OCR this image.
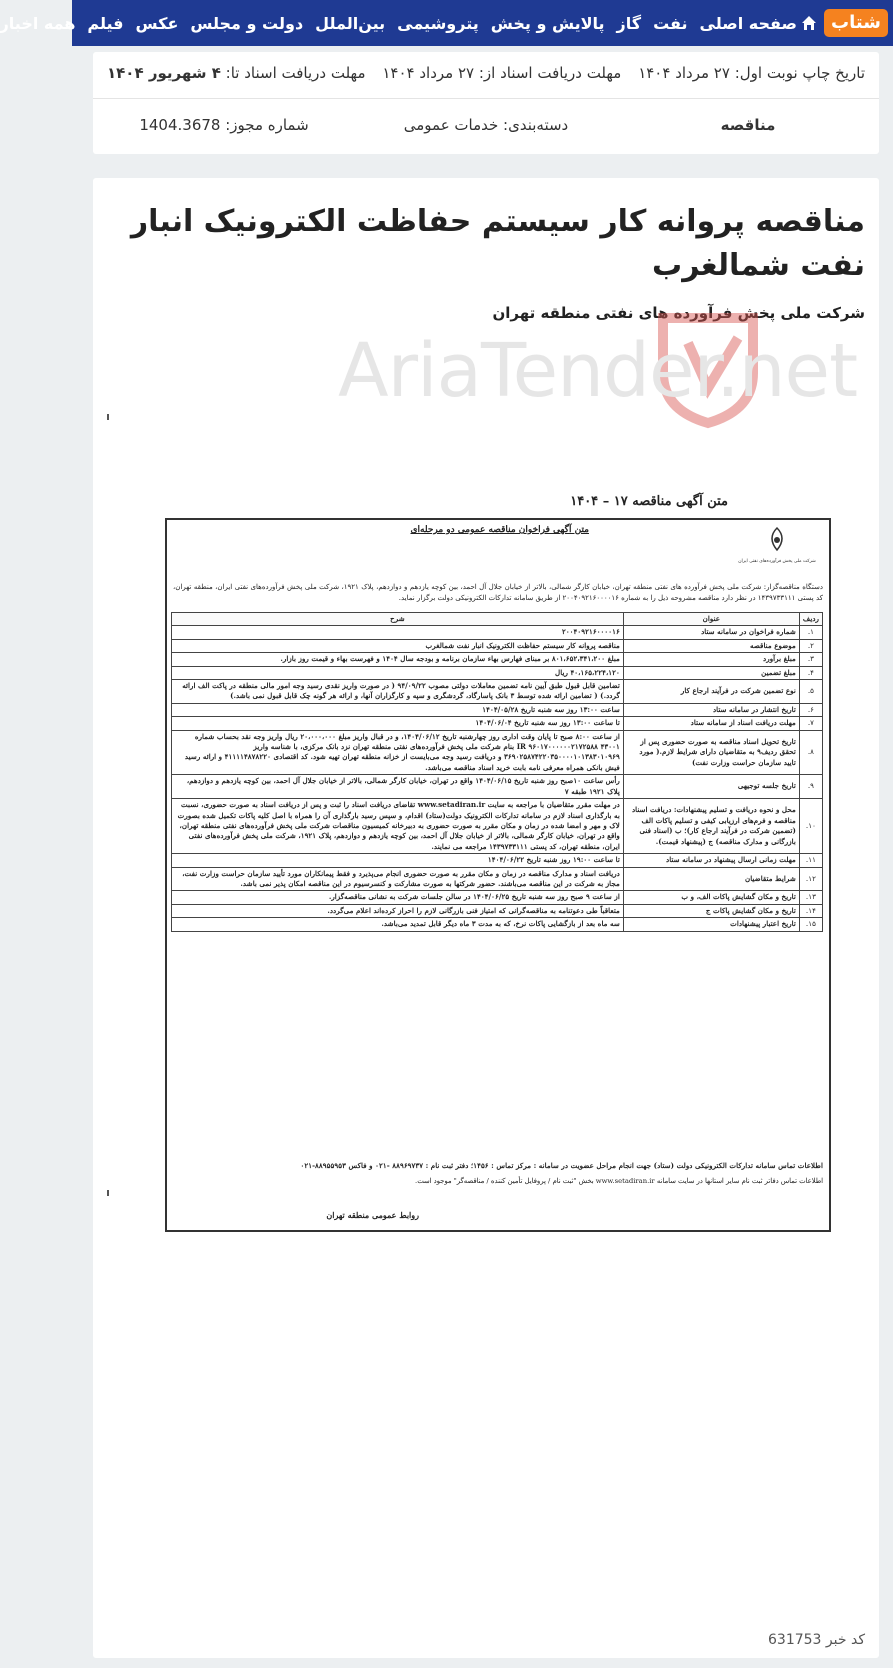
شتاب
صفحه اصلی
نفت
گاز
پالایش و پخش
پتروشیمی
بین‌الملل
دولت و مجلس
عکس
فیلم
همه اخبار
تاریخ چاپ نوبت اول: ۲۷ مرداد ۱۴۰۴
مهلت دریافت اسناد از: ۲۷ مرداد ۱۴۰۴
مهلت دریافت اسناد تا: ۴ شهریور ۱۴۰۴
مناقصه
دسته‌بندی: خدمات عمومی
شماره مجوز: 1404.3678
مناقصه پروانه کار سیستم حفاظت الکترونیک انبار نفت شمالغرب
شرکت ملی پخش فرآورده های نفتی منطقه تهران
AriaTender.net
متن آگهی مناقصه ۱۷ – ۱۴۰۴
متن آگهی فراخوان مناقصه عمومی دو مرحله‌ای
شرکت ملی پخش فرآورده‌های نفتی ایران
دستگاه مناقصه‌گزار: شرکت ملی پخش فرآورده های نفتی منطقه تهران، خیابان کارگر شمالی، بالاتر از خیابان جلال آل احمد، بین کوچه یازدهم و دوازدهم، پلاک ۱۹۲۱، شرکت ملی پخش فرآورده‌های نفتی ایران، منطقه تهران، کد پستی ۱۴۳۹۷۳۳۱۱۱ در نظر دارد مناقصه مشروحه ذیل را به شماره ۲۰۰۴۰۹۲۱۶۰۰۰۰۱۶ از طریق سامانه تدارکات الکترونیکی دولت برگزار نماید.
ردیف	عنوان	شرح
۱.	شماره فراخوان در سامانه ستاد	۲۰۰۴۰۹۲۱۶۰۰۰۰۱۶
۲.	موضوع مناقصه	مناقصه پروانه کار سیستم حفاظت الکترونیک انبار نفت شمالغرب
۳.	مبلغ برآورد	مبلغ ۸۰۱،۶۵۲،۳۴۱،۲۰۰ بر مبنای فهارس بهاء سازمان برنامه و بودجه سال ۱۴۰۴ و فهرست بهاء و قیمت روز بازار.
۴.	مبلغ تضمین	۴۰،۱۶۵،۲۲۴،۱۲۰ ریال
۵.	نوع تضمین شرکت در فرآیند ارجاع کار	تضامین قابل قبول طبق آیین نامه تضمین معاملات دولتی مصوب ۹۴/۰۹/۲۲ ( در صورت واریز نقدی رسید وجه امور مالی منطقه در پاکت الف ارائه گردد.) ( تضامین ارائه شده توسط ۳ بانک پاسارگاد، گردشگری و سپه و کارگزاران آنها، و ارائه هر گونه چک قابل قبول نمی باشد.)
۶.	تاریخ انتشار در سامانه ستاد	ساعت ۱۳:۰۰ روز سه شنبه تاریخ ۱۴۰۴/۰۵/۲۸
۷.	مهلت دریافت اسناد از سامانه ستاد	تا ساعت ۱۳:۰۰ روز سه شنبه تاریخ ۱۴۰۴/۰۶/۰۴
۸.	تاریخ تحویل اسناد مناقصه به صورت حضوری پس از تحقق ردیف۹ به متقاضیان دارای شرایط لازم.( مورد تایید سازمان حراست وزارت نفت)	از ساعت ۸:۰۰ صبح تا پایان وقت اداری روز چهارشنبه تاریخ ۱۴۰۴/۰۶/۱۲، و در قبال واریز مبلغ ۲۰،۰۰۰،۰۰۰ ریال واریز وجه نقد بحساب شماره ۴۳۰۰۱ ۹۶۰۱۷۰۰۰۰۰۰۲۱۷۲۵۸۸ IR بنام شرکت ملی پخش فرآورده‌های نفتی منطقه تهران نزد بانک مرکزی، با شناسه واریز ۳۶۹۰۲۵۸۷۴۲۲۰۳۵۰۰۰۰۱۰۱۳۸۳۰۱۰۹۶۹ و دریافت رسید وجه می‌بایست از خزانه منطقه تهران تهیه شود. کد اقتصادی ۴۱۱۱۱۴۸۷۸۲۲۰ و ارائه رسید فیش بانکی همراه معرفی نامه بابت خرید اسناد مناقصه می‌باشد.
۹.	تاریخ جلسه توجیهی	رأس ساعت ۱۰صبح روز شنبه تاریخ ۱۴۰۴/۰۶/۱۵ واقع در تهران، خیابان کارگر شمالی، بالاتر از خیابان جلال آل احمد، بین کوچه یازدهم و دوازدهم، پلاک ۱۹۲۱ طبقه ۷
۱۰.	محل و نحوه دریافت و تسلیم پیشنهادات: دریافت اسناد مناقصه و فرم‌های ارزیابی کیفی و تسلیم پاکات الف (تضمین شرکت در فرآیند ارجاع کار)؛ ب (اسناد فنی بازرگانی و مدارک مناقصه) ج (پیشنهاد قیمت).	در مهلت مقرر متقاضیان با مراجعه به سایت www.setadiran.ir تقاضای دریافت اسناد را ثبت و پس از دریافت اسناد به صورت حضوری، نسبت به بارگذاری اسناد لازم در سامانه تدارکات الکترونیک دولت(ستاد) اقدام، و سپس رسید بارگذاری آن را همراه با اصل کلیه پاکات تکمیل شده بصورت لاک و مهر و امضا شده در زمان و مکان مقرر به صورت حضوری به دبیرخانه کمیسیون مناقصات شرکت ملی پخش فرآورده‌های نفتی منطقه تهران، واقع در تهران، خیابان کارگر شمالی، بالاتر از خیابان جلال آل احمد، بین کوچه یازدهم و دوازدهم، پلاک ۱۹۲۱، شرکت ملی پخش فرآورده‌های نفتی ایران، منطقه تهران، کد پستی ۱۴۳۹۷۳۳۱۱۱ مراجعه می نمایند.
۱۱.	مهلت زمانی ارسال پیشنهاد در سامانه ستاد	تا ساعت ۱۹:۰۰ روز شنبه تاریخ ۱۴۰۴/۰۶/۲۲
۱۲.	شرایط متقاضیان	دریافت اسناد و مدارک مناقصه در زمان و مکان مقرر به صورت حضوری انجام می‌پذیرد و فقط پیمانکاران مورد تأیید سازمان حراست وزارت نفت، مجاز به شرکت در این مناقصه می‌باشند. حضور شرکتها به صورت مشارکت و کنسرسیوم در این مناقصه امکان پذیر نمی باشد.
۱۳.	تاریخ و مکان گشایش پاکات الف، و ب	از ساعت ۹ صبح روز سه شنبه تاریخ ۱۴۰۴/۰۶/۲۵ در سالن جلسات شرکت به نشانی مناقصه‌گزار.
۱۴.	تاریخ و مکان گشایش پاکات ج	متعاقباً طی دعوتنامه به مناقصه‌گرانی که امتیاز فنی بازرگانی لازم را احراز کرده‌اند اعلام می‌گردد.
۱۵.	تاریخ اعتبار پیشنهادات	سه ماه بعد از بازگشایی پاکات نرخ، که به مدت ۳ ماه دیگر قابل تمدید می‌باشد.
اطلاعات تماس سامانه تدارکات الکترونیکی دولت (ستاد) جهت انجام مراحل عضویت در سامانه : مرکز تماس : ۱۴۵۶؛ دفتر ثبت نام : ۸۸۹۶۹۷۳۷ -۰۲۱ و فاکس ۸۸۹۵۵۹۵۳-۰۲۱
اطلاعات تماس دفاتر ثبت نام سایر استانها در سایت سامانه www.setadiran.ir بخش "ثبت نام / پروفایل تأمین کننده / مناقصه‌گر" موجود است.
روابط عمومی منطقه تهران
کد خبر 631753
